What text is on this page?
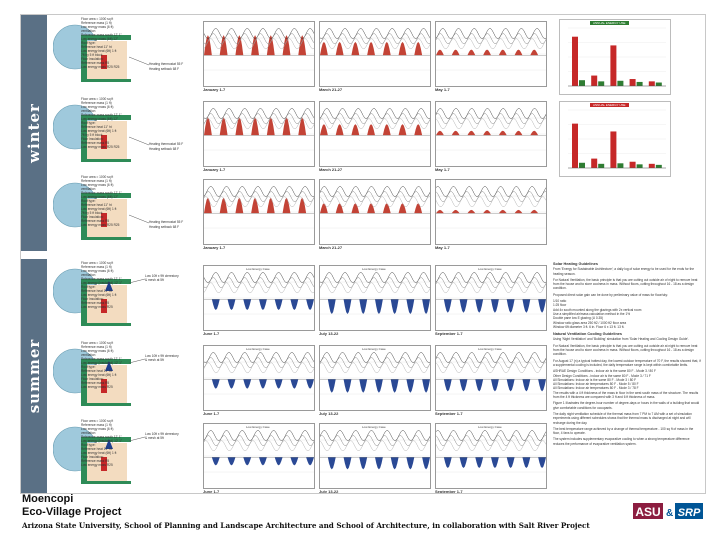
winter
summer
Heating thermostat 55 F
Heating setback 68 F
Floor area = 1000 sq ft
Reference mass (1 ft)
Low energy mass (6 ft)
ventilation
Reference mass south 12' 1"
Low energy mass (6ft) 12"
Roof type:
Reference heat 11" ht
Low energy heat (6ft) 1 ft
7ft by 5 ft block
Floor insulation:
Reference mass R5
Low energy mass R25 R25
Heating thermostat 55 F
Heating setback 68 F
Floor area = 1000 sq ft
Reference mass (1 ft)
Low energy mass (6 ft)
ventilation
Reference mass south 12' 1"
Low energy mass (6ft) 12"
Roof type:
Reference heat 11" ht
Low energy heat (6ft) 1 ft
7ft by 5 ft block
Floor insulation:
Reference mass R5
Low energy mass R25 R25
Heating thermostat 55 F
Heating setback 68 F
Floor area = 1000 sq ft
Reference mass (1 ft)
Low energy mass (6 ft)
ventilation
Reference mass south 12' 1"
Low energy mass (6ft) 12"
Roof type:
Reference heat 11" ht
Low energy heat (6ft) 1 ft
7ft by 5 ft block
Floor insulation:
Reference mass R5
Low energy mass R25 R25
Low 10ft x 9ft clerestory
& mesh at 5ft
Floor area = 1000 sq ft
Reference mass (1 ft)
Low energy mass (6 ft)
ventilation
Reference mass south 12' 1"
Low energy (insulated) 12' 1"
Roof type:
Reference heat 11" ht
Low energy heat (6ft) 1 ft
Floor insulation:
Reference mass R5
Low energy mass R25
Low 10ft x 9ft clerestory
& mesh at 5ft
Floor area = 1000 sq ft
Reference mass (1 ft)
Low energy mass (6 ft)
ventilation
Reference mass south 12' 1"
Low energy (insulated) 12' 1"
Roof type:
Reference heat 11" ht
Low energy heat (6ft) 1 ft
Floor insulation:
Reference mass R5
Low energy mass R25
Low 10ft x 9ft clerestory
& mesh at 5ft
Floor area = 1000 sq ft
Reference mass (1 ft)
Low energy mass (6 ft)
ventilation
Reference mass south 12' 1"
Low energy (insulated) 12' 1"
Roof type:
Reference heat 11" ht
Low energy heat (6ft) 1 ft
Floor insulation:
Reference mass R5
Low energy mass R25
January 1-7	March 21-27	May 1-7
January 1-7	March 21-27	May 1-7
January 1-7	March 21-27	May 1-7
Low Energy Case
June 1-7
Low Energy Case
July 13-22
Low Energy Case
September 1-7
Low Energy Case
June 1-7
Low Energy Case
July 13-22
Low Energy Case
September 1-7
Low Energy Case
June 1-7
Low Energy Case
July 13-22
Low Energy Case
September 1-7
ANNUAL ENERGY USE
ANNUAL ENERGY USE
Solar Heating Guidelines

From 'Energy for Sustainable Architecture'; a daily log of solar energy to be used for the ends for the heating season.

For Natural Ventilation, the basic principle is that you are cutting out outside air of night to remove heat from the house and to store coolness in mass. Without floors, cutting throughout 16 - 18 as a design condition.

Proposed direct solar gain can be done by preliminary value of mass for floor/sky:

1/10 ratio
1:25 floor
Add 4x south mounted along the glazings with 2x vertical room
Use a simplified air/mass calculation method in the 1%
Double pane low E glazing (U 0.35)
Window ratio glass area 250 ft2 / 1000 ft2 floor area
Window 6ft diameter 3 ft. 6 in. Floor 6 x 13 ft. 13 ft.
Natural Ventilation Cooling Guidelines

Using 'Night Ventilation' and 'Building' simulation from 'Solar Heating and Cooling Design Guide'.

For Natural Ventilation, the basic principle is that you are cutting out outside air at night to remove heat from the house and to store coolness in mass. Without floors, cutting throughout 16 - 18 as a design condition.

For August 17 (n) a typical hottest day, the lowest outdoor temperature of 70 F, the results showed that, if a supplemental cooling is included, the daily temperature range is kept within comfortable limits.

ASHRAE Design Conditions - indoor air is the same 80 F - Mode 3 / 80 F
Other Design Conditions - indoor air is the same 80 F - Mode 3 / 71 F
All Simulations: Indoor air is the same 80 F - Mode 3 / 80 F
All Simulations: Indoor air temperatures 80 F - Mode 5 / 80 F
All Simulations: Indoor air temperatures 80 F - Mode 3 / 78 F

The results with a 4 ft thickness of the mass in floor in the west south mass of the structure. The results from the 4 ft thickness are compared with 3 ft and 6 ft thickness of mass.

Figure 1 illustrates the degree-hour number of degree-days or hours in the walls of a building that would give comfortable conditions for occupants.

The daily night ventilation schedule of the thermal mass from 7 PM to 7 AM with a set of simulation experiments using different schedules shows that the thermal mass is discharged at night and will recharge during the day.

The best temperature range achieved by a change of thermal temperature - 100 sq ft of mass in the floor, 4 fans to operate.

The system includes supplementary evaporative cooling to when a strong temperature difference reduces the performance of evaporative ventilation system.

Moencopi
Eco-Village Project
Arizona State University, School of Planning and Landscape Architecture and School of Architecture, in collaboration with Salt River Project
ASU & SRP
